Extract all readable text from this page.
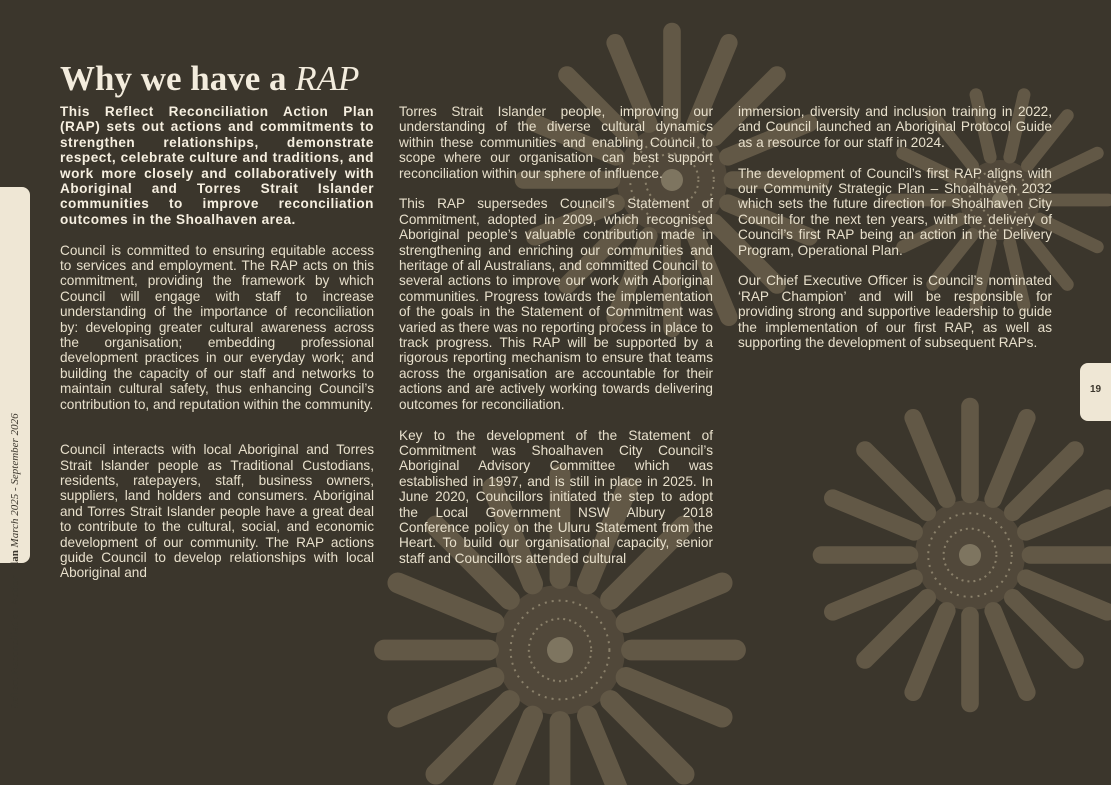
Reflect Reconciliation Action Plan March 2025 - September 2026
19
Why we have a RAP

This Reflect Reconciliation Action Plan (RAP) sets out actions and commitments to strengthen relationships, demonstrate respect, celebrate culture and traditions, and work more closely and collaboratively with Aboriginal and Torres Strait Islander communities to improve reconciliation outcomes in the Shoalhaven area.

Council is committed to ensuring equitable access to services and employment. The RAP acts on this commitment, providing the framework by which Council will engage with staff to increase understanding of the importance of reconciliation by: developing greater cultural awareness across the organisation; embedding professional development practices in our everyday work; and building the capacity of our staff and networks to maintain cultural safety, thus enhancing Council’s contribution to, and reputation within the community.

Council interacts with local Aboriginal and Torres Strait Islander people as Traditional Custodians, residents, ratepayers, staff, business owners, suppliers, land holders and consumers. Aboriginal and Torres Strait Islander people have a great deal to contribute to the cultural, social, and economic development of our community. The RAP actions guide Council to develop relationships with local Aboriginal and

Torres Strait Islander people, improving our understanding of the diverse cultural dynamics within these communities and enabling Council to scope where our organisation can best support reconciliation within our sphere of influence.

This RAP supersedes Council’s Statement of Commitment, adopted in 2009, which recognised Aboriginal people’s valuable contribution made in strengthening and enriching our communities and heritage of all Australians, and committed Council to several actions to improve our work with Aboriginal communities. Progress towards the implementation of the goals in the Statement of Commitment was varied as there was no reporting process in place to track progress. This RAP will be supported by a rigorous reporting mechanism to ensure that teams across the organisation are accountable for their actions and are actively working towards delivering outcomes for reconciliation.

Key to the development of the Statement of Commitment was Shoalhaven City Council’s Aboriginal Advisory Committee which was established in 1997, and is still in place in 2025. In June 2020, Councillors initiated the step to adopt the Local Government NSW Albury 2018 Conference policy on the Uluru Statement from the Heart. To build our organisational capacity, senior staff and Councillors attended cultural

immersion, diversity and inclusion training in 2022, and Council launched an Aboriginal Protocol Guide as a resource for our staff in 2024.

The development of Council’s first RAP aligns with our Community Strategic Plan – Shoalhaven 2032 which sets the future direction for Shoalhaven City Council for the next ten years, with the delivery of Council’s first RAP being an action in the Delivery Program, Operational Plan.

Our Chief Executive Officer is Council’s nominated ‘RAP Champion’ and will be responsible for providing strong and supportive leadership to guide the implementation of our first RAP, as well as supporting the development of subsequent RAPs.
